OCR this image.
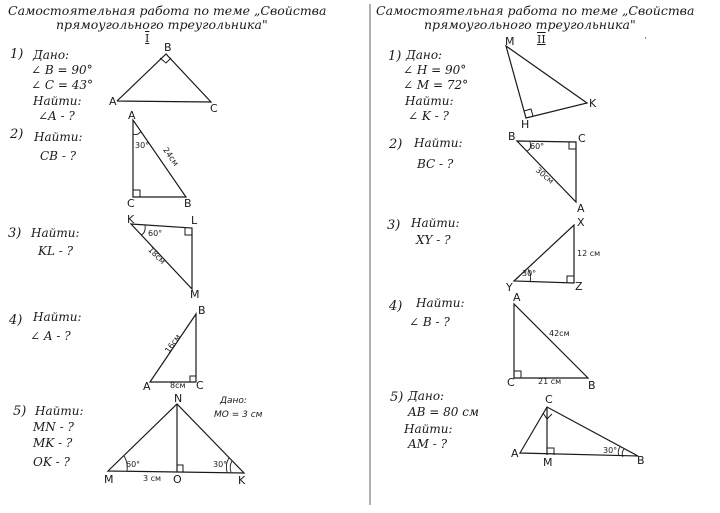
·
Самостоятельная работа по теме „Свойства
прямоугольного треугольника"
I
1) Дано:
∠ B = 90°
∠ C = 43°
Найти:
∠A - ?
A
B
C
2) Найти:
CB - ?
A
B
C
30°
24см
3) Найти:
KL - ?
K	L
M
60°
18см
4) Найти:
∠ A - ?
A
B
C
16см
8см
5) Найти:
MN - ?
MK - ?
OK - ?
Дано:
MO = 3 см
M
N
O	K
60°	30°
3 см
Самостоятельная работа по теме „Свойства
прямоугольного треугольника"
II
1) Дано:
∠ H = 90°
∠ M = 72°
Найти:
∠ K - ?
M
H
K
2) Найти:
BC - ?
B	C
A
60°
30см
3) Найти:
XY - ?
X
Y	Z
30°
12 см
4) Найти:
∠ B - ?
A
C	B
42см
21 см
5) Дано:
AB = 80 см
Найти:
AM - ?
A
C
M	B
30°
